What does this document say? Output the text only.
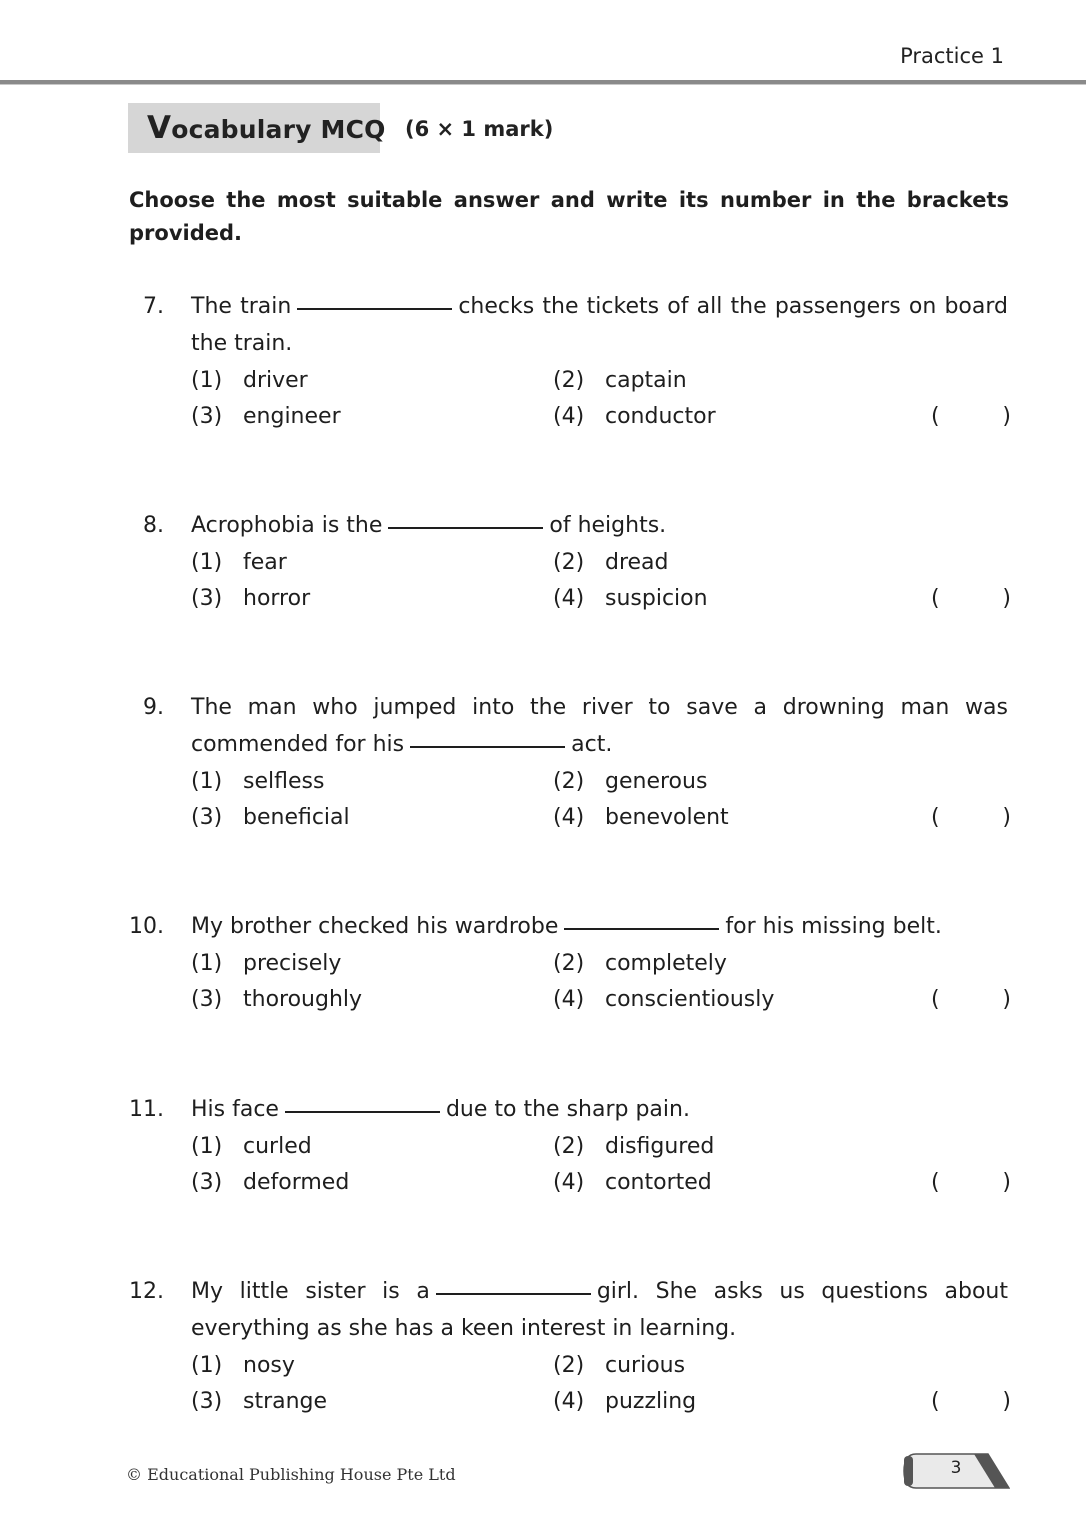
Practice 1
Vocabulary MCQ (6 × 1 mark)
Choose the most suitable answer and write its number in the brackets provided.
7. The train	checks the tickets of all the passengers on board the train.
(1) driver	(2) captain
(3) engineer	(4) conductor	(	)
8. Acrophobia is the	of heights.
(1) fear	(2) dread
(3) horror	(4) suspicion	(	)
9. The man who jumped into the river to save a drowning man was commended for his	act.
(1) selfless	(2) generous
(3) beneficial	(4) benevolent	(	)
10. My brother checked his wardrobe	for his missing belt.
(1) precisely	(2) completely
(3) thoroughly	(4) conscientiously	(	)
11. His face	due to the sharp pain.
(1) curled	(2) disfigured
(3) deformed	(4) contorted	(	)
12. My little sister is a	girl. She asks us questions about everything as she has a keen interest in learning.
(1) nosy	(2) curious
(3) strange	(4) puzzling	(	)
© Educational Publishing House Pte Ltd	3
